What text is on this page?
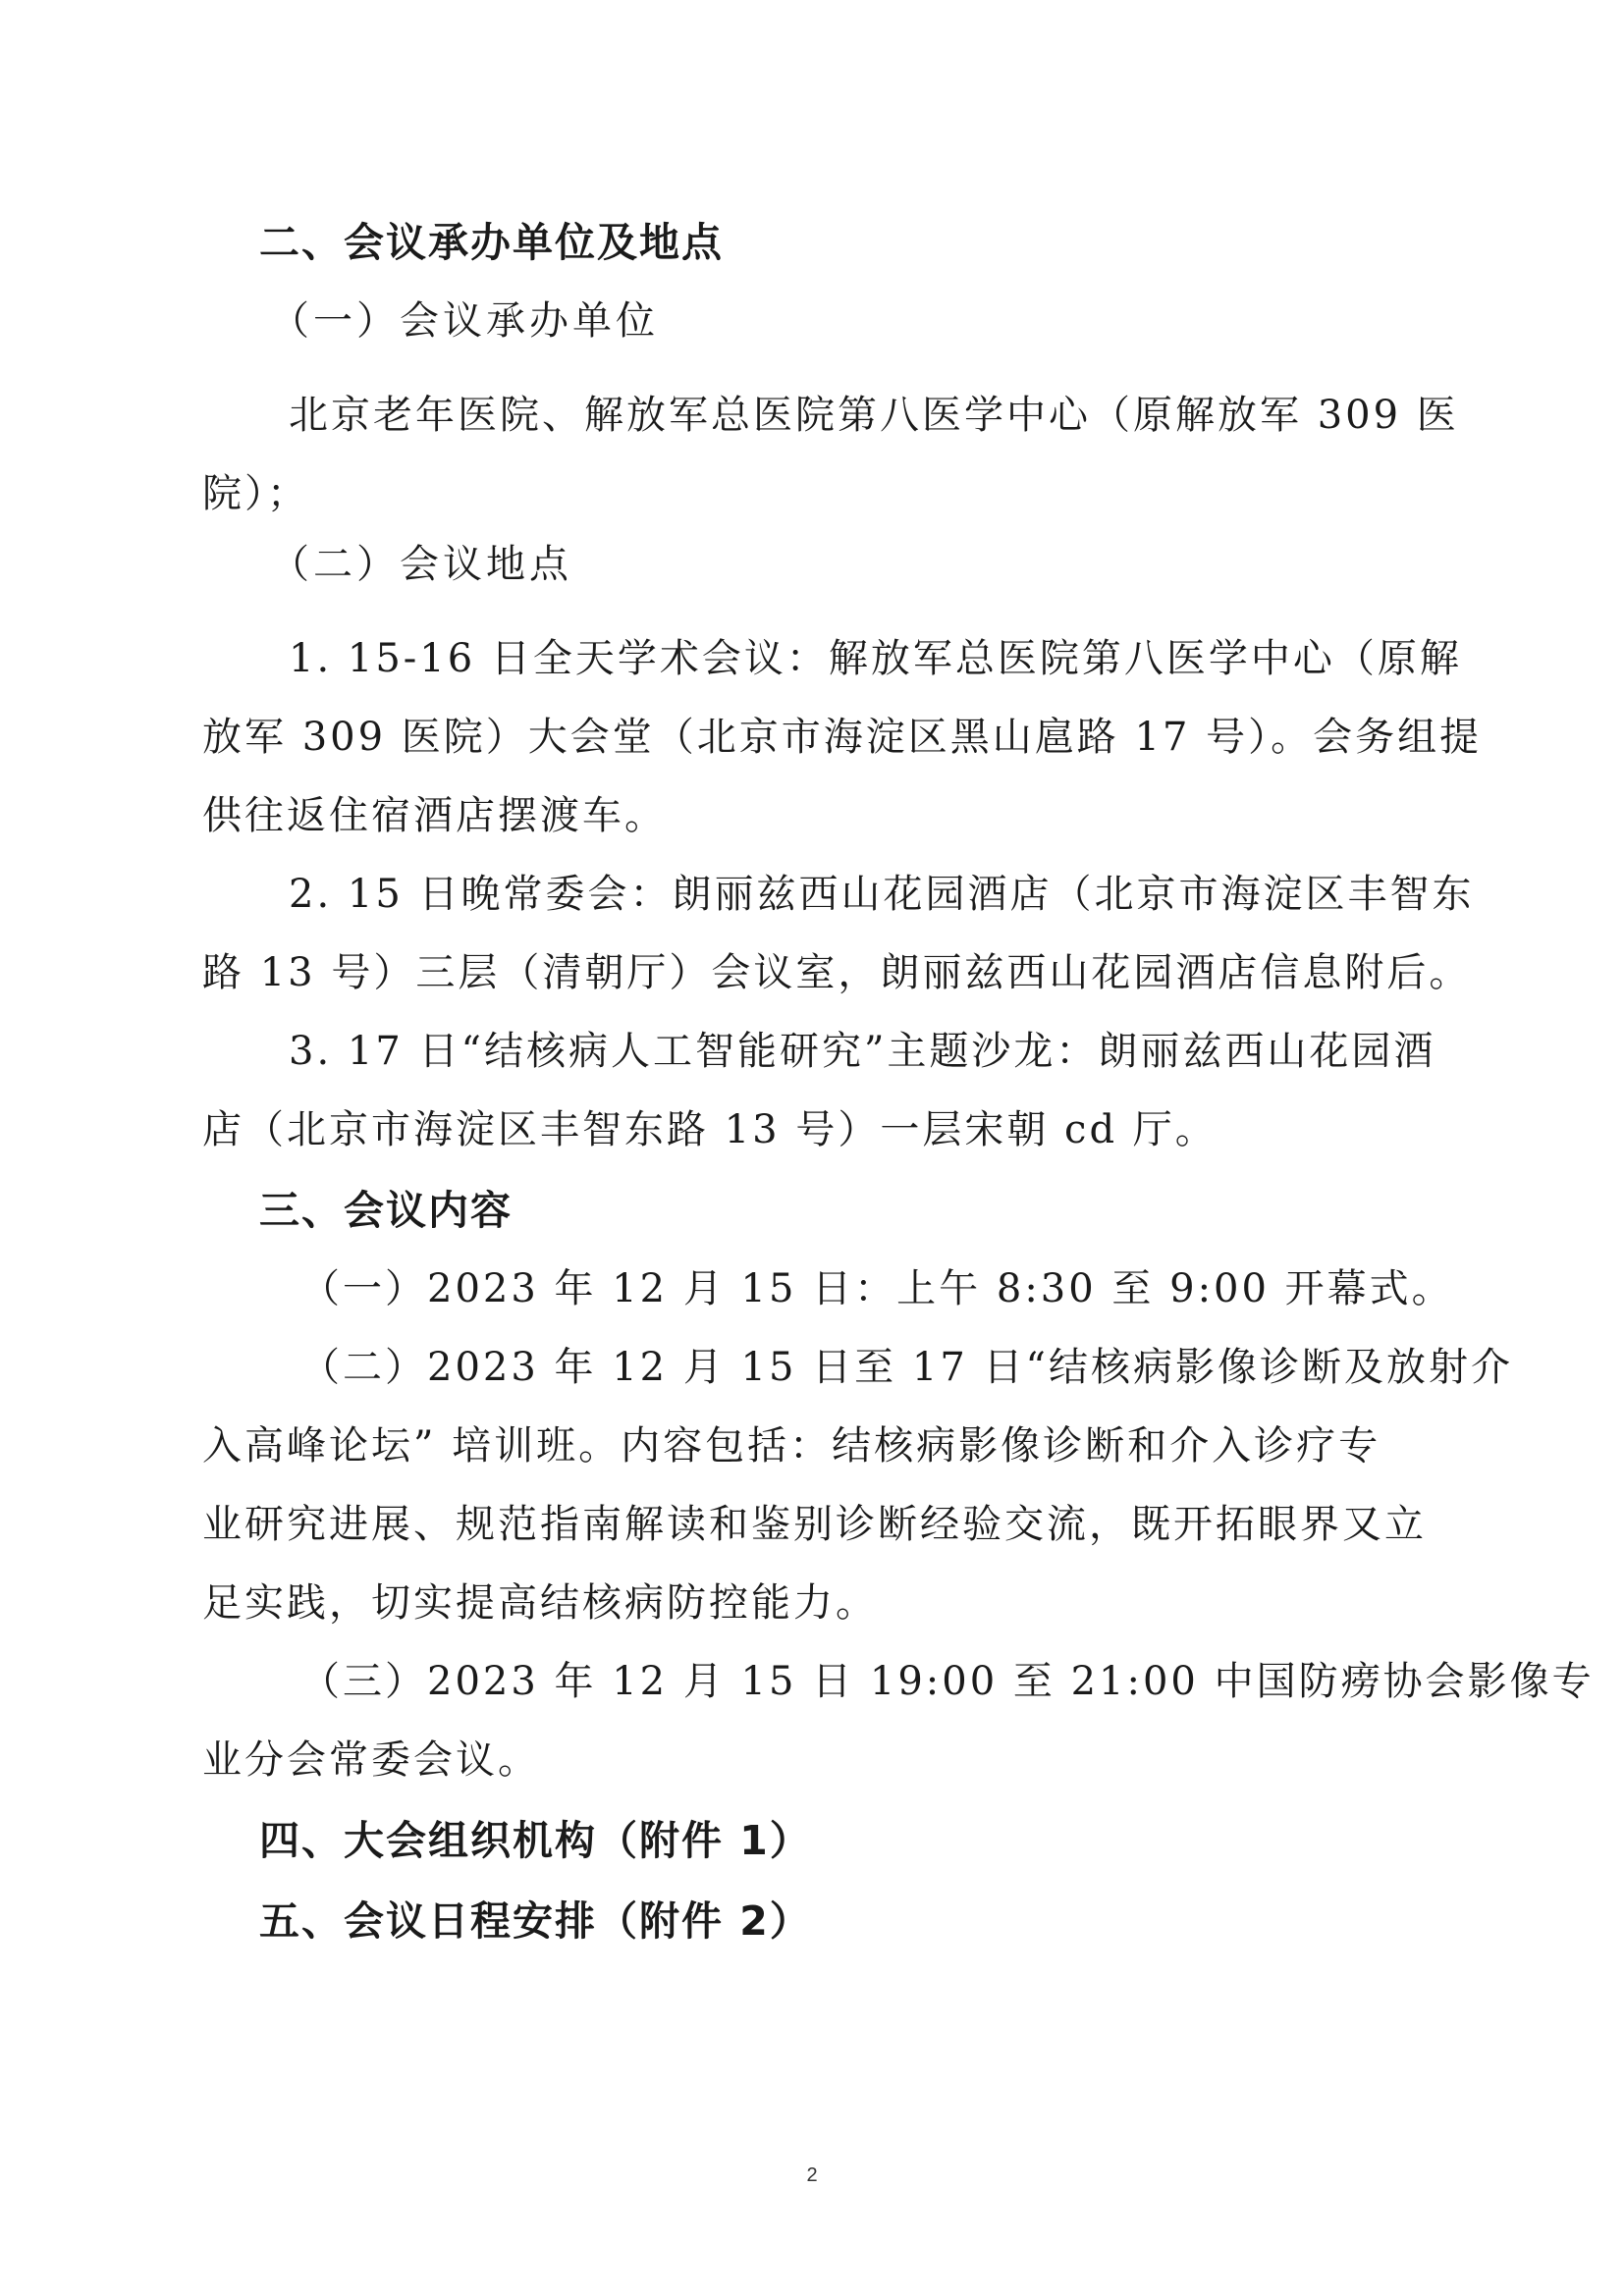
二、会议承办单位及地点
（一）会议承办单位
北京老年医院、解放军总医院第八医学中心（原解放军 309 医
院）；
（二）会议地点
1. 15-16 日全天学术会议：解放军总医院第八医学中心（原解
放军 309 医院）大会堂（北京市海淀区黑山扈路 17 号）。会务组提
供往返住宿酒店摆渡车。
2. 15 日晚常委会：朗丽兹西山花园酒店（北京市海淀区丰智东
路 13 号）三层（清朝厅）会议室，朗丽兹西山花园酒店信息附后。
3. 17 日“结核病人工智能研究”主题沙龙：朗丽兹西山花园酒
店（北京市海淀区丰智东路 13 号）一层宋朝 cd 厅。
三、会议内容
（一）2023 年 12 月 15 日：上午 8:30 至 9:00 开幕式。
（二）2023 年 12 月 15 日至 17 日“结核病影像诊断及放射介
入高峰论坛” 培训班。内容包括：结核病影像诊断和介入诊疗专
业研究进展、规范指南解读和鉴别诊断经验交流，既开拓眼界又立
足实践，切实提高结核病防控能力。
（三）2023 年 12 月 15 日 19:00 至 21:00 中国防痨协会影像专
业分会常委会议。
四、大会组织机构（附件 1）
五、会议日程安排（附件 2）
2
